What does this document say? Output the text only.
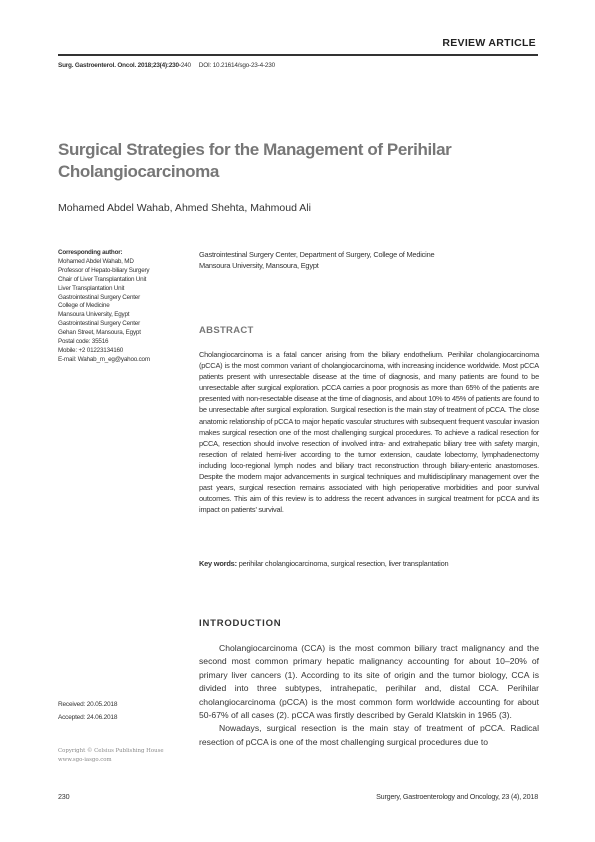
REVIEW ARTICLE
Surg. Gastroenterol. Oncol. 2018;23(4):230-240 DOI: 10.21614/sgo-23-4-230
Surgical Strategies for the Management of Perihilar Cholangiocarcinoma
Mohamed Abdel Wahab, Ahmed Shehta, Mahmoud Ali
Corresponding author:
Mohamed Abdel Wahab, MD
Professor of Hepato-biliary Surgery
Chair of Liver Transplantation Unit
Liver Transplantation Unit
Gastrointestinal Surgery Center
College of Medicine
Mansoura University, Egypt
Gastrointestinal Surgery Center
Gehan Street, Mansoura, Egypt
Postal code: 35516
Mobile: +2 01223134160
E-mail: Wahab_m_eg@yahoo.com
Gastrointestinal Surgery Center, Department of Surgery, College of Medicine
Mansoura University, Mansoura, Egypt
ABSTRACT
Cholangiocarcinoma is a fatal cancer arising from the biliary endothelium. Perihilar cholangiocarcinoma (pCCA) is the most common variant of cholangiocarcinoma, with increasing incidence worldwide. Most pCCA patients present with unresectable disease at the time of diagnosis, and many patients are found to be unresectable after surgical exploration. pCCA carries a poor prognosis as more than 65% of the patients are presented with non-resectable disease at the time of diagnosis, and about 10% to 45% of patients are found to be unresectable after surgical exploration. Surgical resection is the main stay of treatment of pCCA. The close anatomic relationship of pCCA to major hepatic vascular structures with subsequent frequent vascular invasion makes surgical resection one of the most challenging surgical procedures. To achieve a radical resection for pCCA, resection should involve resection of involved intra- and extrahepatic biliary tree with safety margin, resection of related hemi-liver according to the tumor extension, caudate lobectomy, lymphadenectomy including loco-regional lymph nodes and biliary tract reconstruction through biliary-enteric anastomoses. Despite the modern major advancements in surgical techniques and multidisciplinary management over the past years, surgical resection remains associated with high perioperative morbidities and poor survival outcomes. This aim of this review is to address the recent advances in surgical treatment for pCCA and its impact on patients’ survival.
Key words: perihilar cholangiocarcinoma, surgical resection, liver transplantation
INTRODUCTION

Cholangiocarcinoma (CCA) is the most common biliary tract malignancy and the second most common primary hepatic malignancy accounting for about 10–20% of primary liver cancers (1). According to its site of origin and the tumor biology, CCA is divided into three subtypes, intrahepatic, perihilar and, distal CCA. Perihilar cholangiocarcinoma (pCCA) is the most common form worldwide accounting for about 50-67% of all cases (2). pCCA was firstly described by Gerald Klatskin in 1965 (3).

Nowadays, surgical resection is the main stay of treatment of pCCA. Radical resection of pCCA is one of the most challenging surgical procedures due to

Received: 20.05.2018
Accepted: 24.06.2018
Copyright © Celsius Publishing House
www.sgo-iasgo.com
230	Surgery, Gastroenterology and Oncology, 23 (4), 2018
